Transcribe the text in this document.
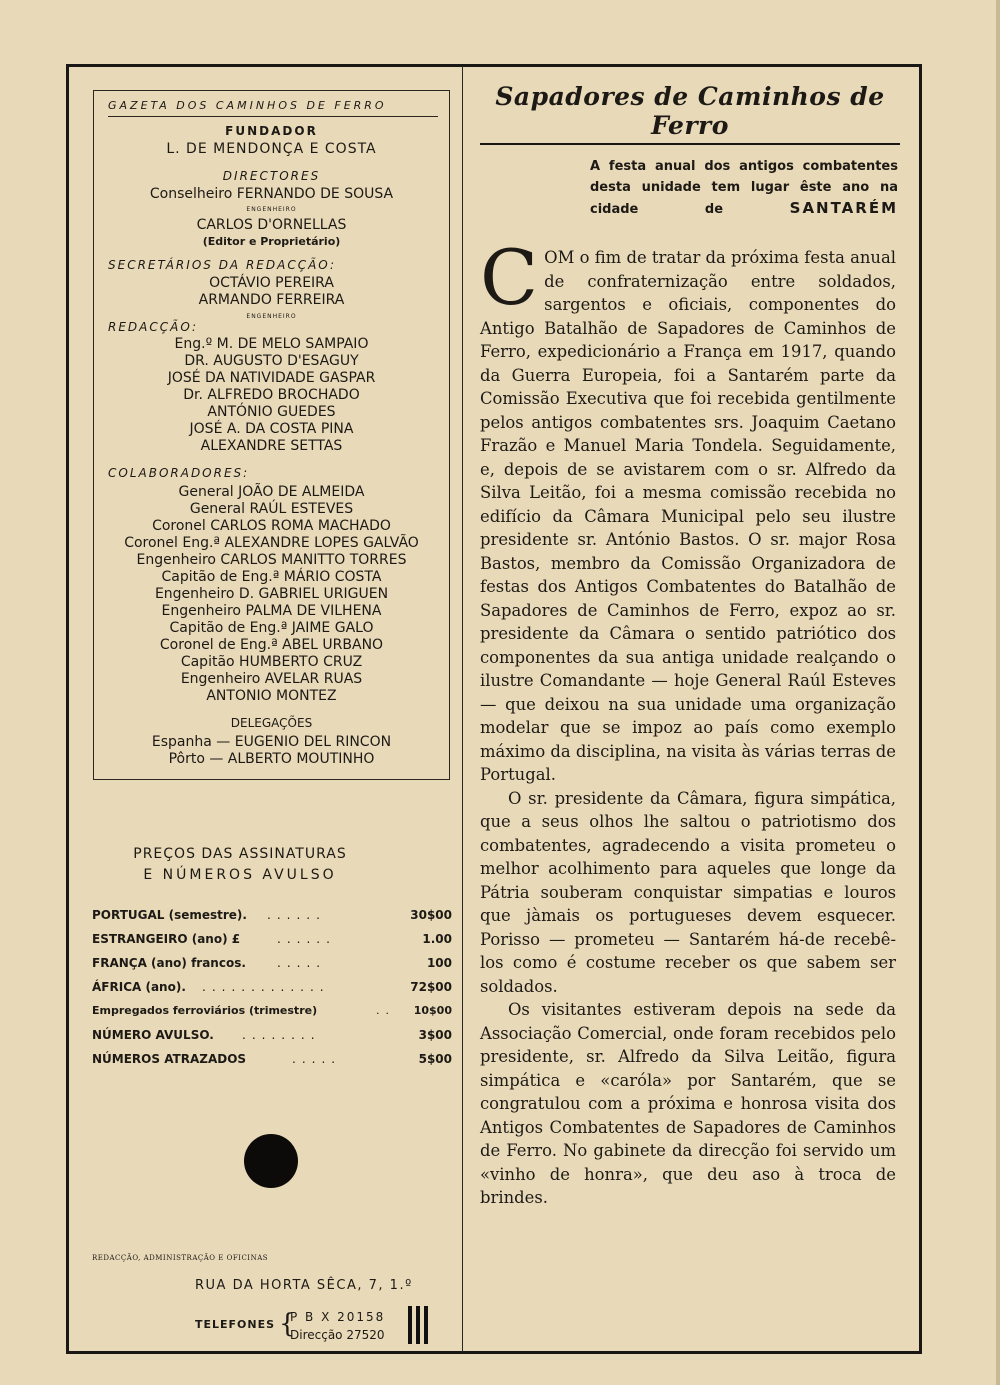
GAZETA DOS CAMINHOS DE FERRO
FUNDADOR
L. DE MENDONÇA E COSTA
DIRECTORES
Conselheiro FERNANDO DE SOUSA
ENGENHEIRO
CARLOS D'ORNELLAS
(Editor e Proprietário)
SECRETÁRIOS DA REDACÇÃO:
OCTÁVIO PEREIRA
ARMANDO FERREIRA
ENGENHEIRO
REDACÇÃO:
Eng.º M. DE MELO SAMPAIO
DR. AUGUSTO D'ESAGUY
JOSÉ DA NATIVIDADE GASPAR
Dr. ALFREDO BROCHADO
ANTÓNIO GUEDES
JOSÉ A. DA COSTA PINA
ALEXANDRE SETTAS
COLABORADORES:
General JOÃO DE ALMEIDA
General RAÚL ESTEVES
Coronel CARLOS ROMA MACHADO
Coronel Eng.ª ALEXANDRE LOPES GALVÃO
Engenheiro CARLOS MANITTO TORRES
Capitão de Eng.ª MÁRIO COSTA
Engenheiro D. GABRIEL URIGUEN
Engenheiro PALMA DE VILHENA
Capitão de Eng.ª JAIME GALO
Coronel de Eng.ª ABEL URBANO
Capitão HUMBERTO CRUZ
Engenheiro AVELAR RUAS
ANTONIO MONTEZ
DELEGAÇÕES
Espanha — EUGENIO DEL RINCON
Pôrto — ALBERTO MOUTINHO
PREÇOS DAS ASSINATURAS
E NÚMEROS AVULSO
PORTUGAL (semestre). ......	30$00
ESTRANGEIRO (ano) £	......	1.00
FRANÇA (ano) francos.	.....	100
ÁFRICA (ano). .............	72$00
Empregados ferroviários (trimestre)	.. 10$00
NÚMERO AVULSO. ........	3$00
NÚMEROS ATRAZADOS	.....	5$00
REDACÇÃO, ADMINISTRAÇÃO E OFICINAS
RUA DA HORTA SÊCA, 7, 1.º
TELEFONES {
P B X 20158
Direcção 27520
Sapadores de Caminhos de Ferro
A festa anual dos antigos combatentes desta unidade tem lugar êste ano na cidade de	SANTARÉM

COM o fim de tratar da próxima festa anual de confraternização entre soldados, sargentos e oficiais, componentes do Antigo Batalhão de Sapadores de Caminhos de Ferro, expedicionário a França em 1917, quando da Guerra Europeia, foi a Santarém parte da Comissão Executiva que foi recebida gentilmente pelos antigos combatentes srs. Joaquim Caetano Frazão e Manuel Maria Tondela. Seguidamente, e, depois de se avistarem com o sr. Alfredo da Silva Leitão, foi a mesma comissão recebida no edifício da Câmara Municipal pelo seu ilustre presidente sr. António Bastos. O sr. major Rosa Bastos, membro da Comissão Organizadora de festas dos Antigos Combatentes do Batalhão de Sapadores de Caminhos de Ferro, expoz ao sr. presidente da Câmara o sentido patriótico dos componentes da sua antiga unidade realçando o ilustre Comandante — hoje General Raúl Esteves — que deixou na sua unidade uma organização modelar que se impoz ao país como exemplo máximo da disciplina, na visita às várias terras de Portugal.

O sr. presidente da Câmara, figura simpática, que a seus olhos lhe saltou o patriotismo dos combatentes, agradecendo a visita prometeu o melhor acolhimento para aqueles que longe da Pátria souberam conquistar simpatias e louros que jàmais os portugueses devem esquecer. Porisso — prometeu — Santarém há-de recebê-los como é costume receber os que sabem ser soldados.

Os visitantes estiveram depois na sede da Associação Comercial, onde foram recebidos pelo presidente, sr. Alfredo da Silva Leitão, figura simpática e «caróla» por Santarém, que se congratulou com a próxima e honrosa visita dos Antigos Combatentes de Sapadores de Caminhos de Ferro. No gabinete da direcção foi servido um «vinho de honra», que deu aso à troca de brindes.
